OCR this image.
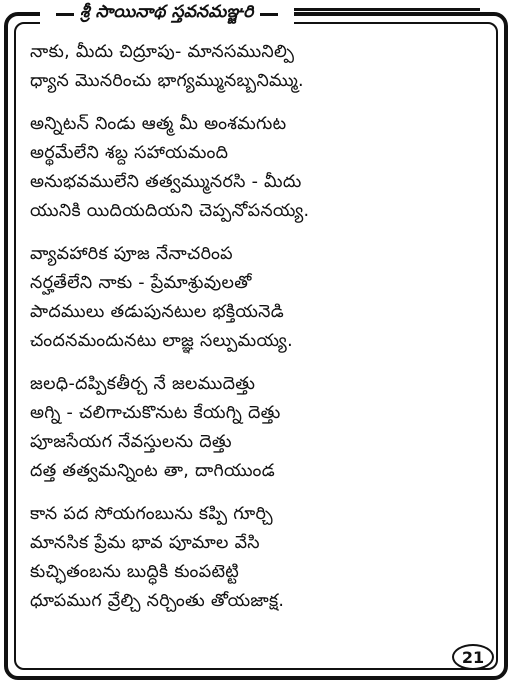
శ్రీ సాయినాథ స్తవనమఞ్జరి
నాకు, మీదు చిద్రూపు- మానసమునిల్పి
ధ్యాన మొనరించు భాగ్యమ్మునబ్బనిమ్ము.
అన్నిటన్ నిండు ఆత్మ మీ అంశమగుట
అర్థమేలేని శబ్ద సహాయమంది
అనుభవములేని తత్వమ్మునరసి - మీదు
యునికి యిదియదియని చెప్పనోపనయ్య.
వ్యావహారిక పూజ నేనాచరింప
నర్హతేలేని నాకు - ప్రేమాశ్రువులతో
పాదములు తడుపునటుల భక్తియనెడి
చందనమందునటు లాజ్ఞ సల్పుమయ్య.
జలధి-దప్పికతీర్చ నే జలముదెత్తు
అగ్ని - చలిగాచుకొనుట కేయగ్ని దెత్తు
పూజసేయగ నేవస్తులను దెత్తు
దత్త తత్వమన్నింట తా, దాగియుండ
కాన పద సోయగంబును కప్పి గూర్చి
మానసిక ప్రేమ భావ పూమాల వేసి
కుచ్ఛితంబను బుద్ధికి కుంపటెట్టి
ధూపముగ వ్రేల్చి నర్చింతు తోయజాక్ష.
21
